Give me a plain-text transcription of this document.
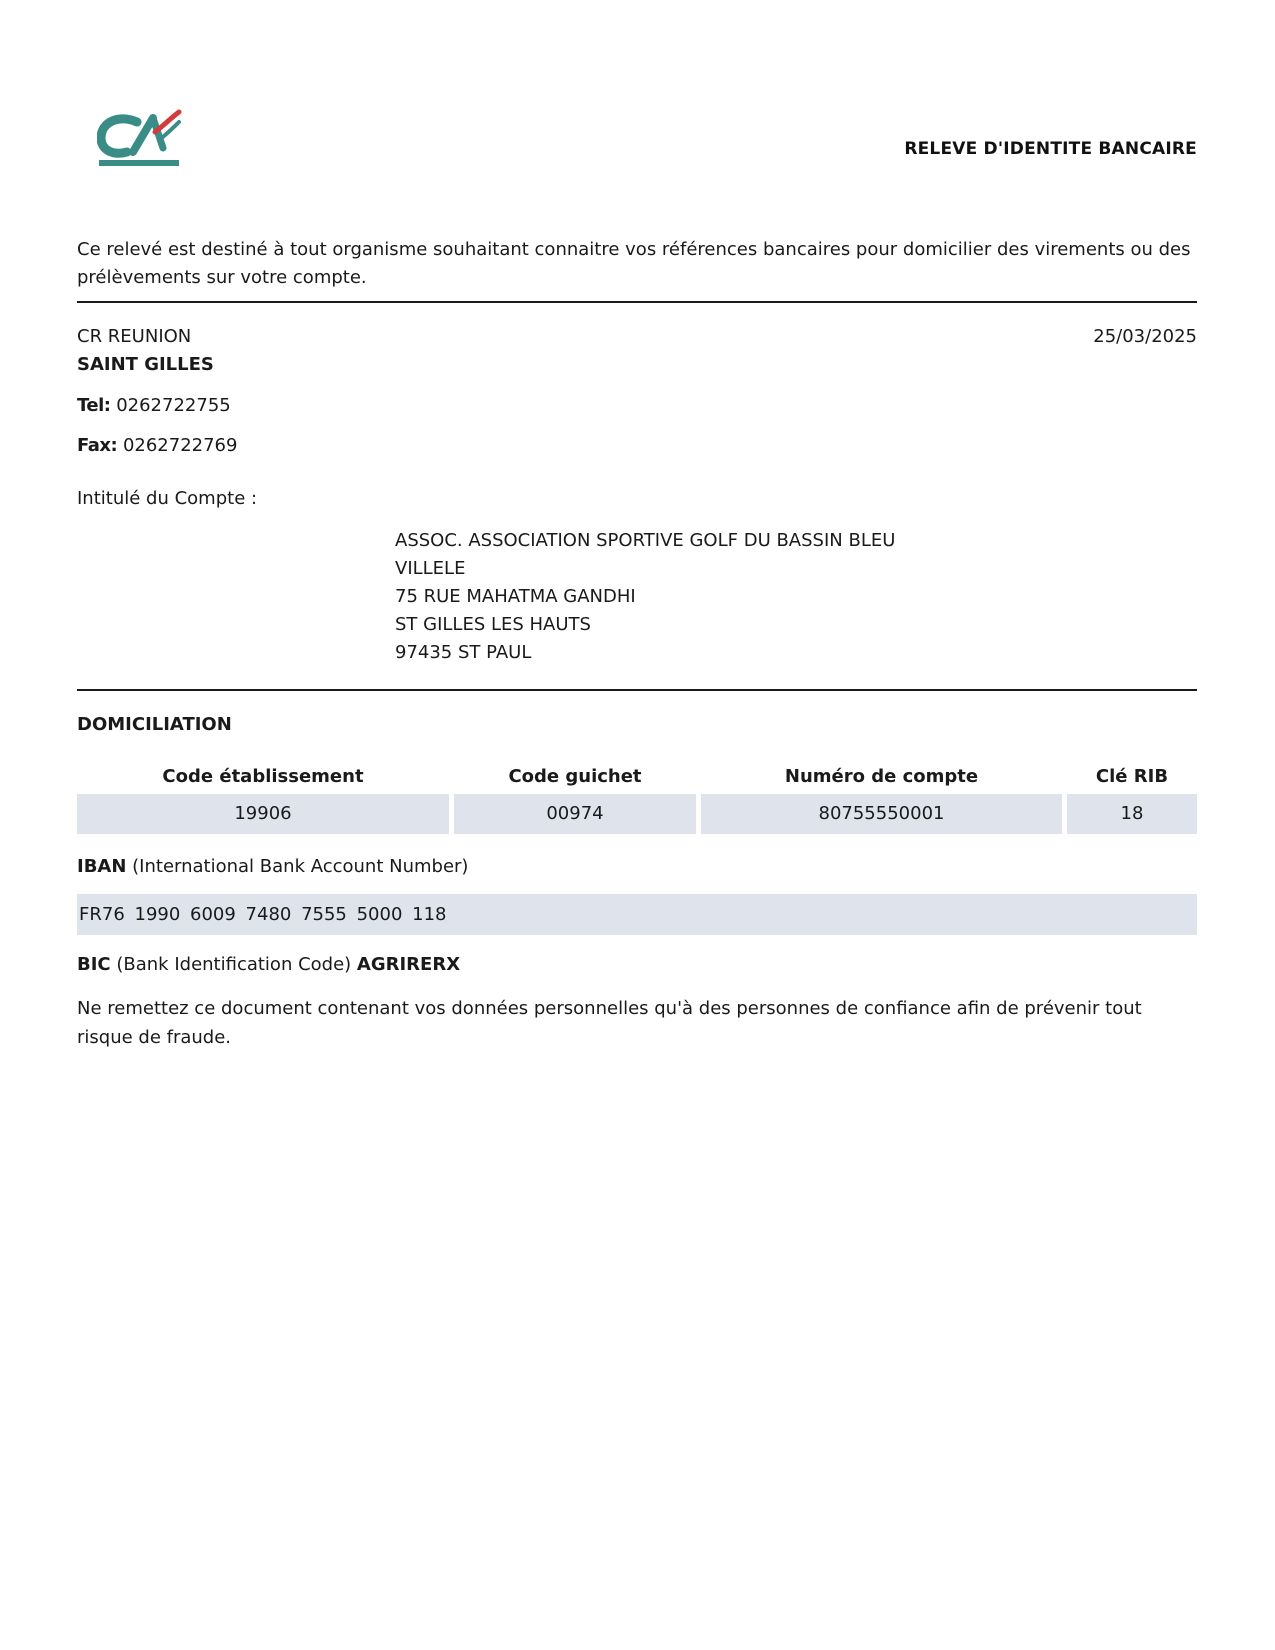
RELEVE D'IDENTITE BANCAIRE
Ce relevé est destiné à tout organisme souhaitant connaitre vos références bancaires pour domicilier des virements ou des prélèvements sur votre compte.
CR REUNION	25/03/2025
SAINT GILLES
Tel: 0262722755
Fax: 0262722769
Intitulé du Compte :
ASSOC. ASSOCIATION SPORTIVE GOLF DU BASSIN BLEU
VILLELE
75 RUE MAHATMA GANDHI
ST GILLES LES HAUTS
97435 ST PAUL
DOMICILIATION
Code établissement	Code guichet	Numéro de compte	Clé RIB
19906	00974	80755550001	18
IBAN (International Bank Account Number)
FR76 1990 6009 7480 7555 5000 118
BIC (Bank Identification Code) AGRIRERX
Ne remettez ce document contenant vos données personnelles qu'à des personnes de confiance afin de prévenir tout risque de fraude.
